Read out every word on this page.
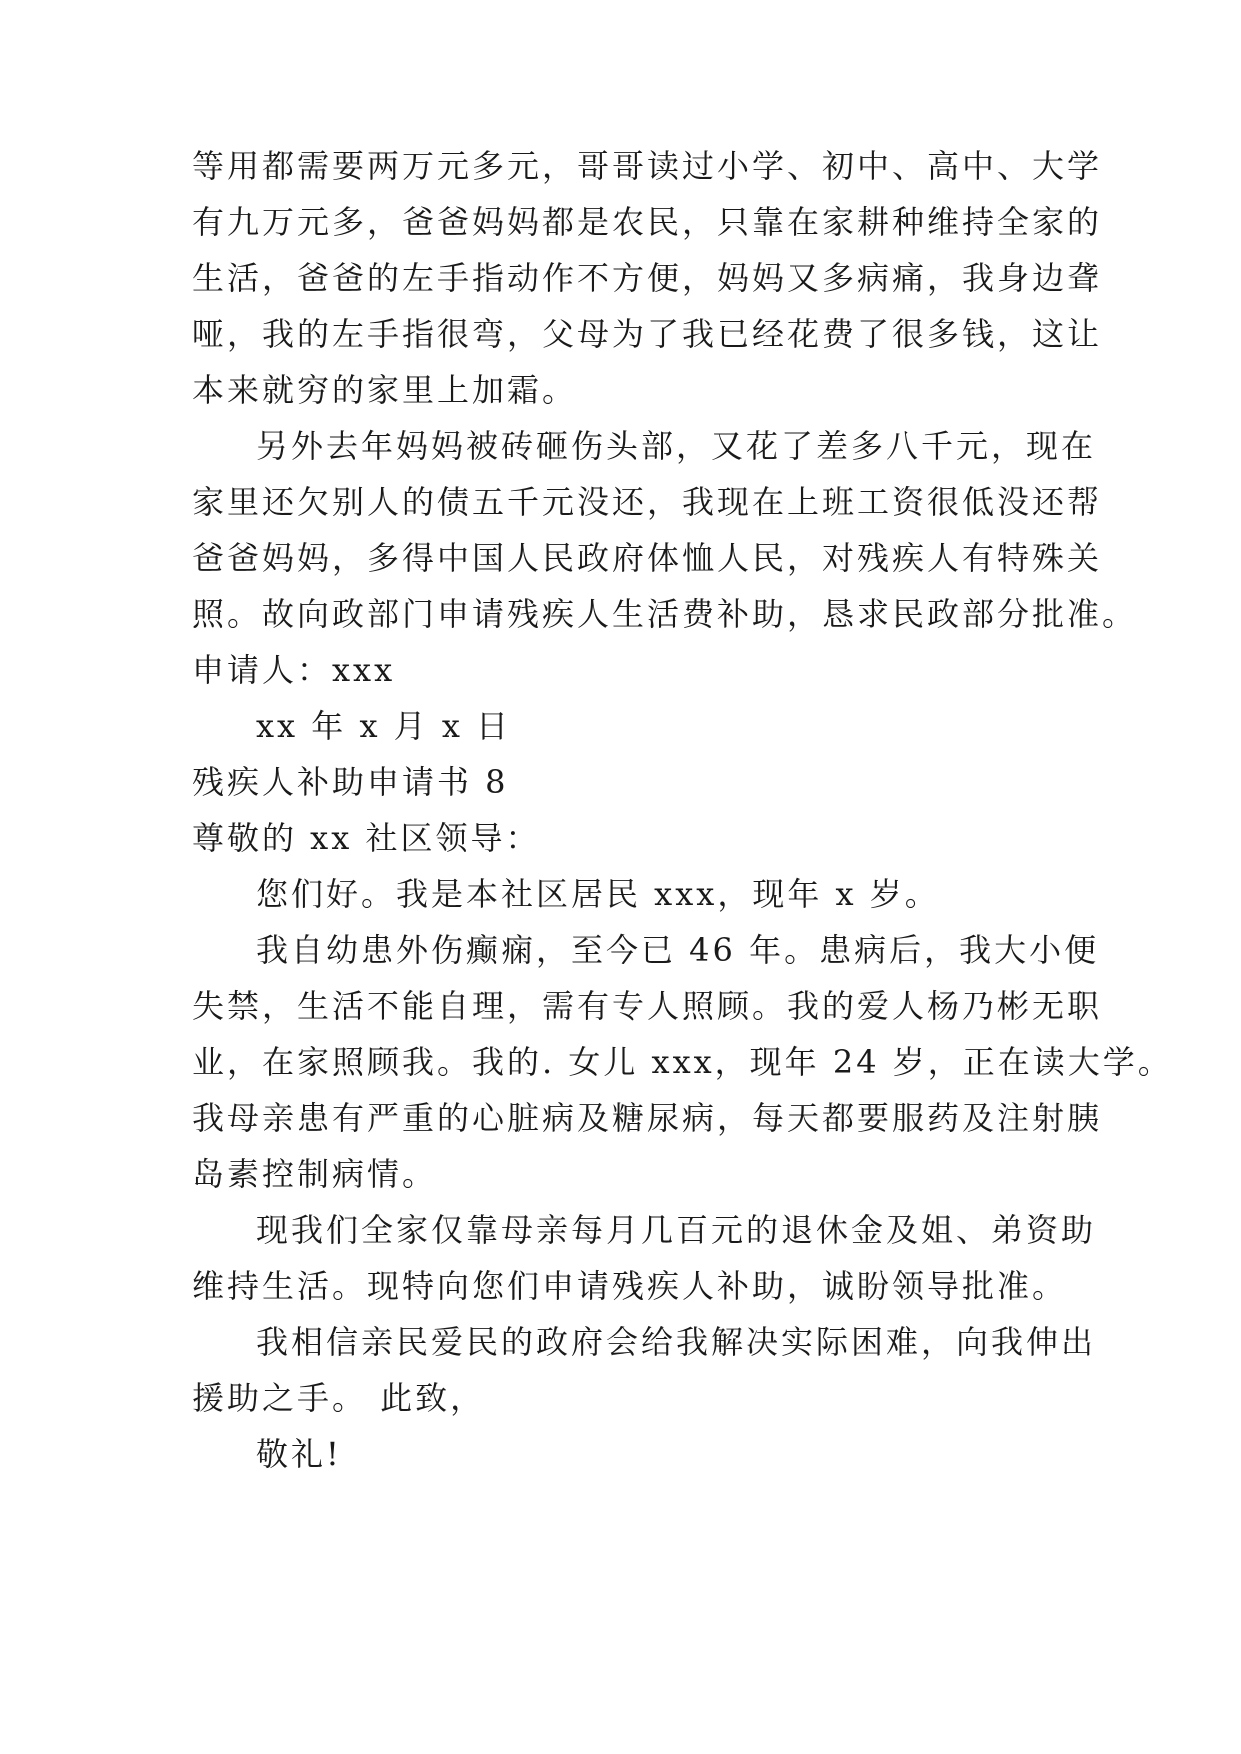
等用都需要两万元多元，哥哥读过小学、初中、高中、大学
有九万元多，爸爸妈妈都是农民，只靠在家耕种维持全家的
生活，爸爸的左手指动作不方便，妈妈又多病痛，我身边聋
哑，我的左手指很弯，父母为了我已经花费了很多钱，这让
本来就穷的家里上加霜。
另外去年妈妈被砖砸伤头部，又花了差多八千元，现在
家里还欠别人的债五千元没还，我现在上班工资很低没还帮
爸爸妈妈，多得中国人民政府体恤人民，对残疾人有特殊关
照。故向政部门申请残疾人生活费补助，恳求民政部分批准。
申请人：xxx
xx 年 x 月 x 日
残疾人补助申请书 8
尊敬的 xx 社区领导：
您们好。我是本社区居民 xxx，现年 x 岁。
我自幼患外伤癫痫，至今已 46 年。患病后，我大小便
失禁，生活不能自理，需有专人照顾。我的爱人杨乃彬无职
业，在家照顾我。我的. 女儿 xxx，现年 24 岁，正在读大学。
我母亲患有严重的心脏病及糖尿病，每天都要服药及注射胰
岛素控制病情。
现我们全家仅靠母亲每月几百元的退休金及姐、弟资助
维持生活。现特向您们申请残疾人补助，诚盼领导批准。
我相信亲民爱民的政府会给我解决实际困难，向我伸出
援助之手。 此致，
敬礼!
